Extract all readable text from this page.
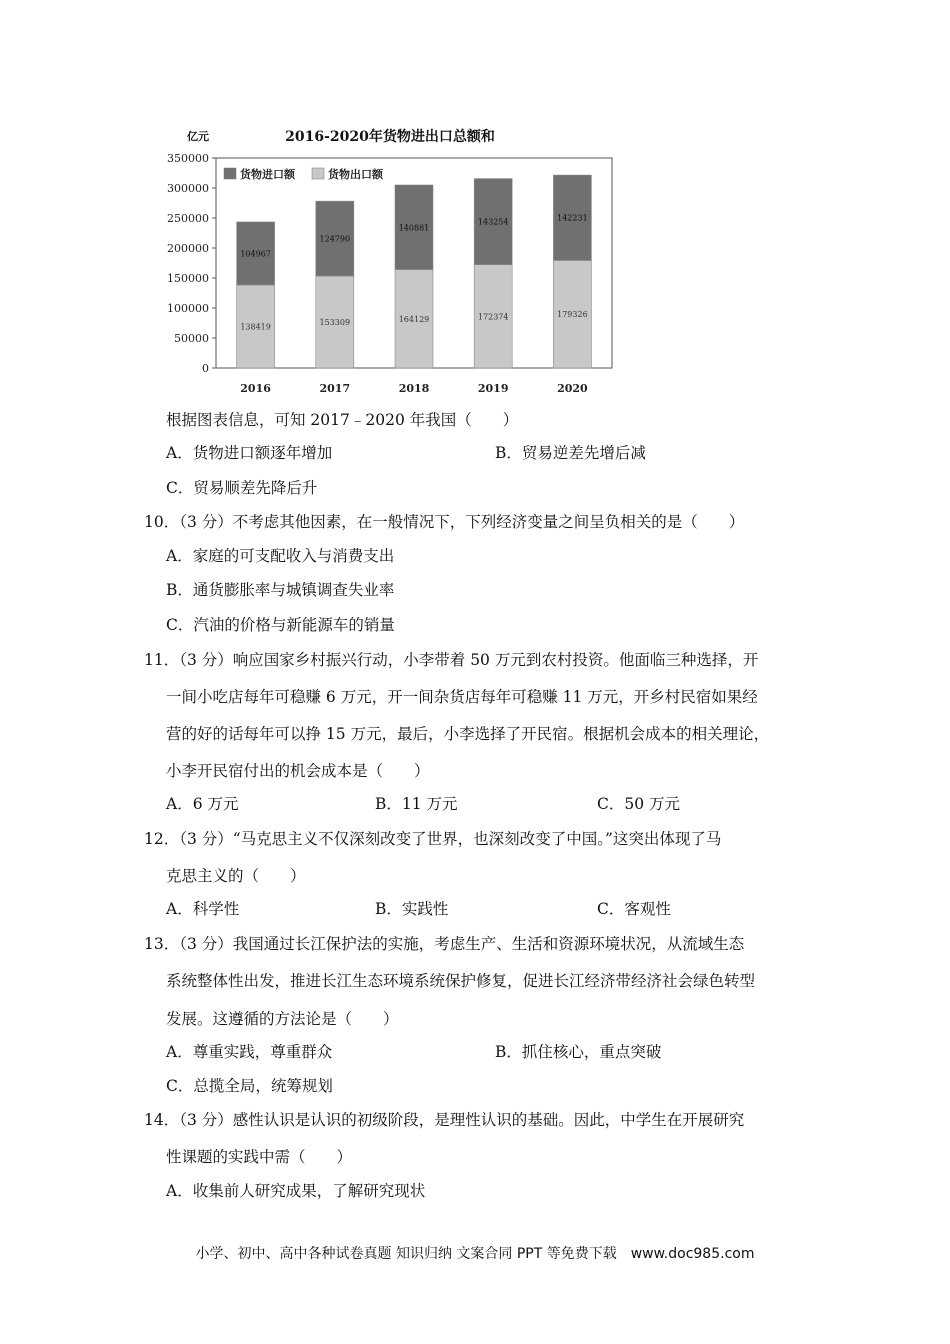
2016-2020年货物进出口总额和
亿元
0
50000
100000
150000
200000
250000
300000
350000
138419
104967
2016
153309
124790
2017
164129
140881
2018
172374
143254
2019
179326
142231
2020
货物进口额	货物出口额
根据图表信息，可知 2017﹣2020 年我国（　　）
A．货物进口额逐年增加	B．贸易逆差先增后减
C．贸易顺差先降后升
10．（3 分）不考虑其他因素，在一般情况下，下列经济变量之间呈负相关的是（　　）
A．家庭的可支配收入与消费支出
B．通货膨胀率与城镇调查失业率
C．汽油的价格与新能源车的销量
11．（3 分）响应国家乡村振兴行动，小李带着 50 万元到农村投资。他面临三种选择，开
一间小吃店每年可稳赚 6 万元，开一间杂货店每年可稳赚 11 万元，开乡村民宿如果经
营的好的话每年可以挣 15 万元，最后，小李选择了开民宿。根据机会成本的相关理论，
小李开民宿付出的机会成本是（　　）
A．6 万元	B．11 万元	C．50 万元
12．（3 分）“马克思主义不仅深刻改变了世界，也深刻改变了中国。”这突出体现了马
克思主义的（　　）
A．科学性	B．实践性	C．客观性
13．（3 分）我国通过长江保护法的实施，考虑生产、生活和资源环境状况，从流域生态
系统整体性出发，推进长江生态环境系统保护修复，促进长江经济带经济社会绿色转型
发展。这遵循的方法论是（　　）
A．尊重实践，尊重群众	B．抓住核心，重点突破
C．总揽全局，统筹规划
14．（3 分）感性认识是认识的初级阶段，是理性认识的基础。因此，中学生在开展研究
性课题的实践中需（　　）
A．收集前人研究成果，了解研究现状
小学、初中、高中各种试卷真题 知识归纳 文案合同 PPT 等免费下载　www.doc985.com
